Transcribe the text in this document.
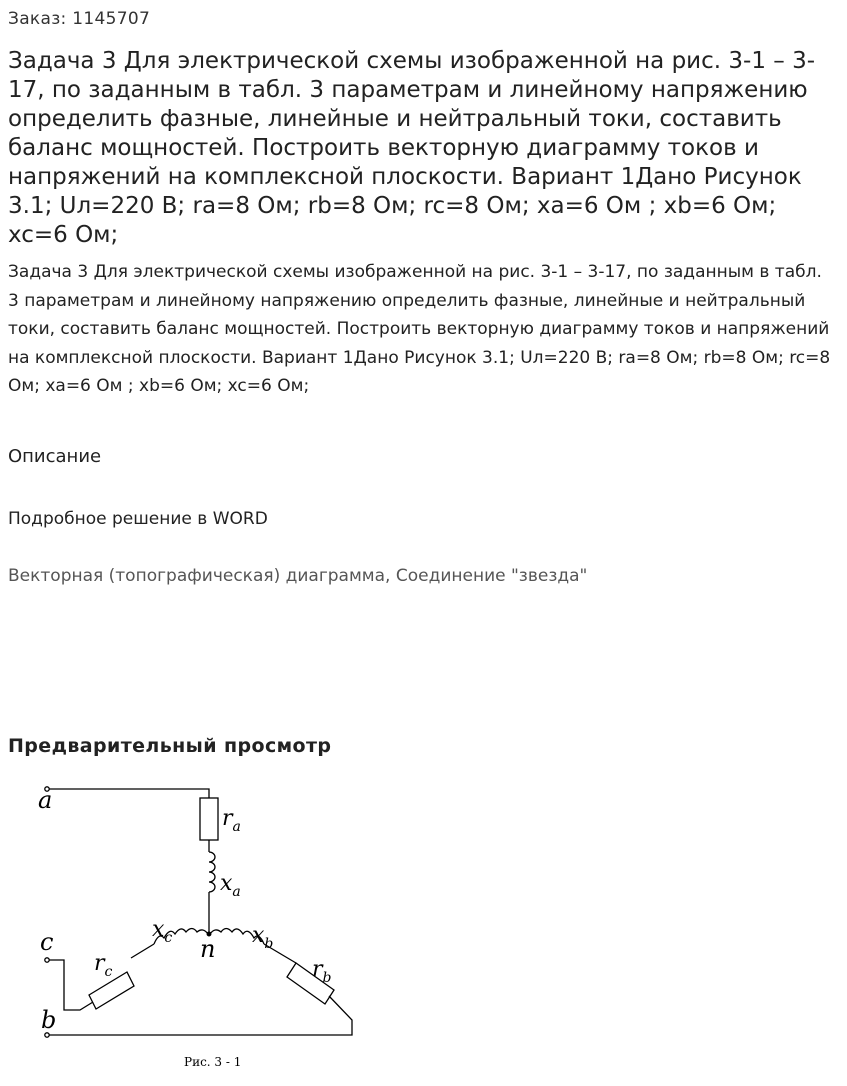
Заказ: 1145707
Задача 3 Для электрической схемы изображенной на рис. 3-1 – 3-17, по заданным в табл. 3 параметрам и линейному напряжению определить фазные, линейные и нейтральный токи, составить баланс мощностей. Построить векторную диаграмму токов и напряжений на комплексной плоскости. Вариант 1Дано Рисунок 3.1; Uл=220 В; ra=8 Ом; rb=8 Ом; rc=8 Ом; xa=6 Ом ; xb=6 Ом; xc=6 Ом;

Задача 3 Для электрической схемы изображенной на рис. 3-1 – 3-17, по заданным в табл. 3 параметрам и линейному напряжению определить фазные, линейные и нейтральный токи, составить баланс мощностей. Построить векторную диаграмму токов и напряжений на комплексной плоскости. Вариант 1Дано Рисунок 3.1; Uл=220 В; ra=8 Ом; rb=8 Ом; rc=8 Ом; xa=6 Ом ; xb=6 Ом; xc=6 Ом;

Описание
Подробное решение в WORD
Векторная (топографическая) диаграмма, Соединение "звезда"
Предварительный просмотр
a
c
b
n
$r_a$
$x_a$
$x_c$	$x_b$
$r_c$	$r_b$
Рис. 3 - 1
